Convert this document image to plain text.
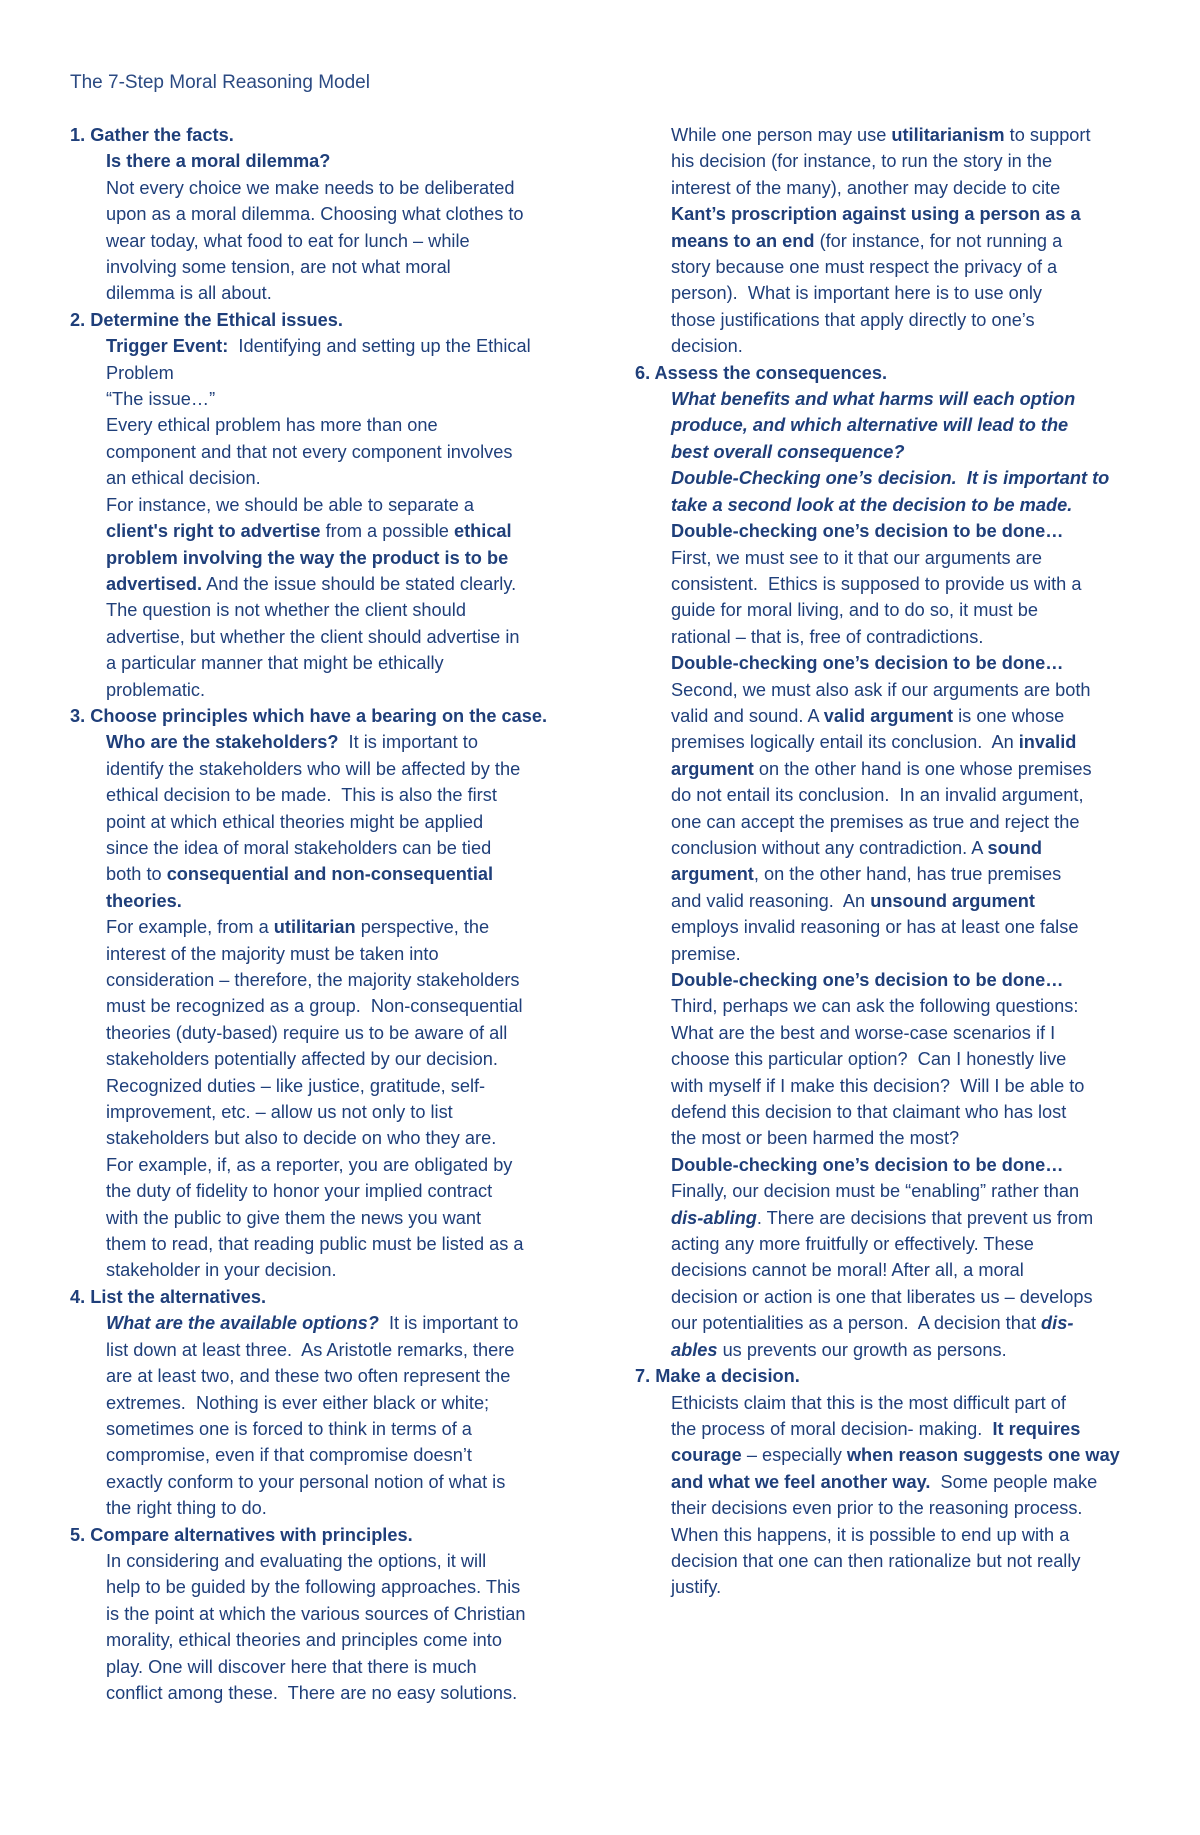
The 7-Step Moral Reasoning Model
1. Gather the facts.
Is there a moral dilemma?
Not every choice we make needs to be deliberated
upon as a moral dilemma. Choosing what clothes to
wear today, what food to eat for lunch – while
involving some tension, are not what moral
dilemma is all about.
2. Determine the Ethical issues.
Trigger Event:  Identifying and setting up the Ethical
Problem
“The issue…”
Every ethical problem has more than one
component and that not every component involves
an ethical decision.
For instance, we should be able to separate a
client's right to advertise from a possible ethical
problem involving the way the product is to be
advertised. And the issue should be stated clearly.
The question is not whether the client should
advertise, but whether the client should advertise in
a particular manner that might be ethically
problematic.
3. Choose principles which have a bearing on the case.
Who are the stakeholders?  It is important to
identify the stakeholders who will be affected by the
ethical decision to be made.  This is also the first
point at which ethical theories might be applied
since the idea of moral stakeholders can be tied
both to consequential and non-consequential
theories.
For example, from a utilitarian perspective, the
interest of the majority must be taken into
consideration – therefore, the majority stakeholders
must be recognized as a group.  Non-consequential
theories (duty-based) require us to be aware of all
stakeholders potentially affected by our decision.
Recognized duties – like justice, gratitude, self-
improvement, etc. – allow us not only to list
stakeholders but also to decide on who they are.
For example, if, as a reporter, you are obligated by
the duty of fidelity to honor your implied contract
with the public to give them the news you want
them to read, that reading public must be listed as a
stakeholder in your decision.
4. List the alternatives.
What are the available options?  It is important to
list down at least three.  As Aristotle remarks, there
are at least two, and these two often represent the
extremes.  Nothing is ever either black or white;
sometimes one is forced to think in terms of a
compromise, even if that compromise doesn’t
exactly conform to your personal notion of what is
the right thing to do.
5. Compare alternatives with principles.
In considering and evaluating the options, it will
help to be guided by the following approaches. This
is the point at which the various sources of Christian
morality, ethical theories and principles come into
play. One will discover here that there is much
conflict among these.  There are no easy solutions.
While one person may use utilitarianism to support
his decision (for instance, to run the story in the
interest of the many), another may decide to cite
Kant’s proscription against using a person as a
means to an end (for instance, for not running a
story because one must respect the privacy of a
person).  What is important here is to use only
those justifications that apply directly to one’s
decision.
6. Assess the consequences.
What benefits and what harms will each option
produce, and which alternative will lead to the
best overall consequence?
Double-Checking one’s decision.  It is important to
take a second look at the decision to be made.
Double-checking one’s decision to be done…
First, we must see to it that our arguments are
consistent.  Ethics is supposed to provide us with a
guide for moral living, and to do so, it must be
rational – that is, free of contradictions.
Double-checking one’s decision to be done…
Second, we must also ask if our arguments are both
valid and sound. A valid argument is one whose
premises logically entail its conclusion.  An invalid
argument on the other hand is one whose premises
do not entail its conclusion.  In an invalid argument,
one can accept the premises as true and reject the
conclusion without any contradiction. A sound
argument, on the other hand, has true premises
and valid reasoning.  An unsound argument
employs invalid reasoning or has at least one false
premise.
Double-checking one’s decision to be done…
Third, perhaps we can ask the following questions:
What are the best and worse-case scenarios if I
choose this particular option?  Can I honestly live
with myself if I make this decision?  Will I be able to
defend this decision to that claimant who has lost
the most or been harmed the most?
Double-checking one’s decision to be done…
Finally, our decision must be “enabling” rather than
dis-abling. There are decisions that prevent us from
acting any more fruitfully or effectively. These
decisions cannot be moral! After all, a moral
decision or action is one that liberates us – develops
our potentialities as a person.  A decision that dis-
ables us prevents our growth as persons.
7. Make a decision.
Ethicists claim that this is the most difficult part of
the process of moral decision- making.  It requires
courage – especially when reason suggests one way
and what we feel another way.  Some people make
their decisions even prior to the reasoning process.
When this happens, it is possible to end up with a
decision that one can then rationalize but not really
justify.
